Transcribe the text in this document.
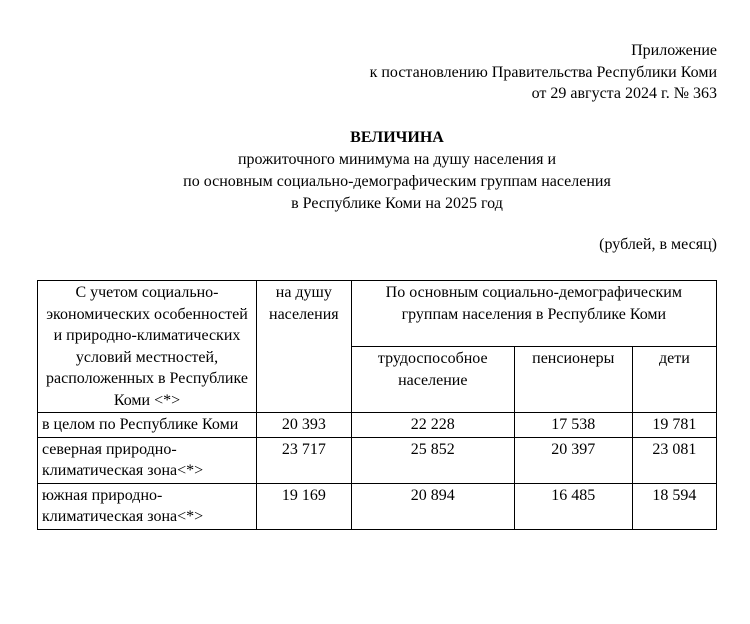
Приложение
к постановлению Правительства Республики Коми
от 29 августа 2024 г. № 363
ВЕЛИЧИНА
прожиточного минимума на душу населения и
по основным социально-демографическим группам населения
в Республике Коми на 2025 год
(рублей, в месяц)
С учетом социально-экономических особенностей и природно-климатических условий местностей, расположенных в Республике Коми <*>	на душу населения	По основным социально-демографическим группам населения в Республике Коми		
		трудоспособное население	пенсионеры	дети
в целом по Республике Коми	20 393	22 228	17 538	19 781
северная природно-климатическая зона<*>	23 717	25 852	20 397	23 081
южная природно-климатическая зона<*>	19 169	20 894	16 485	18 594
